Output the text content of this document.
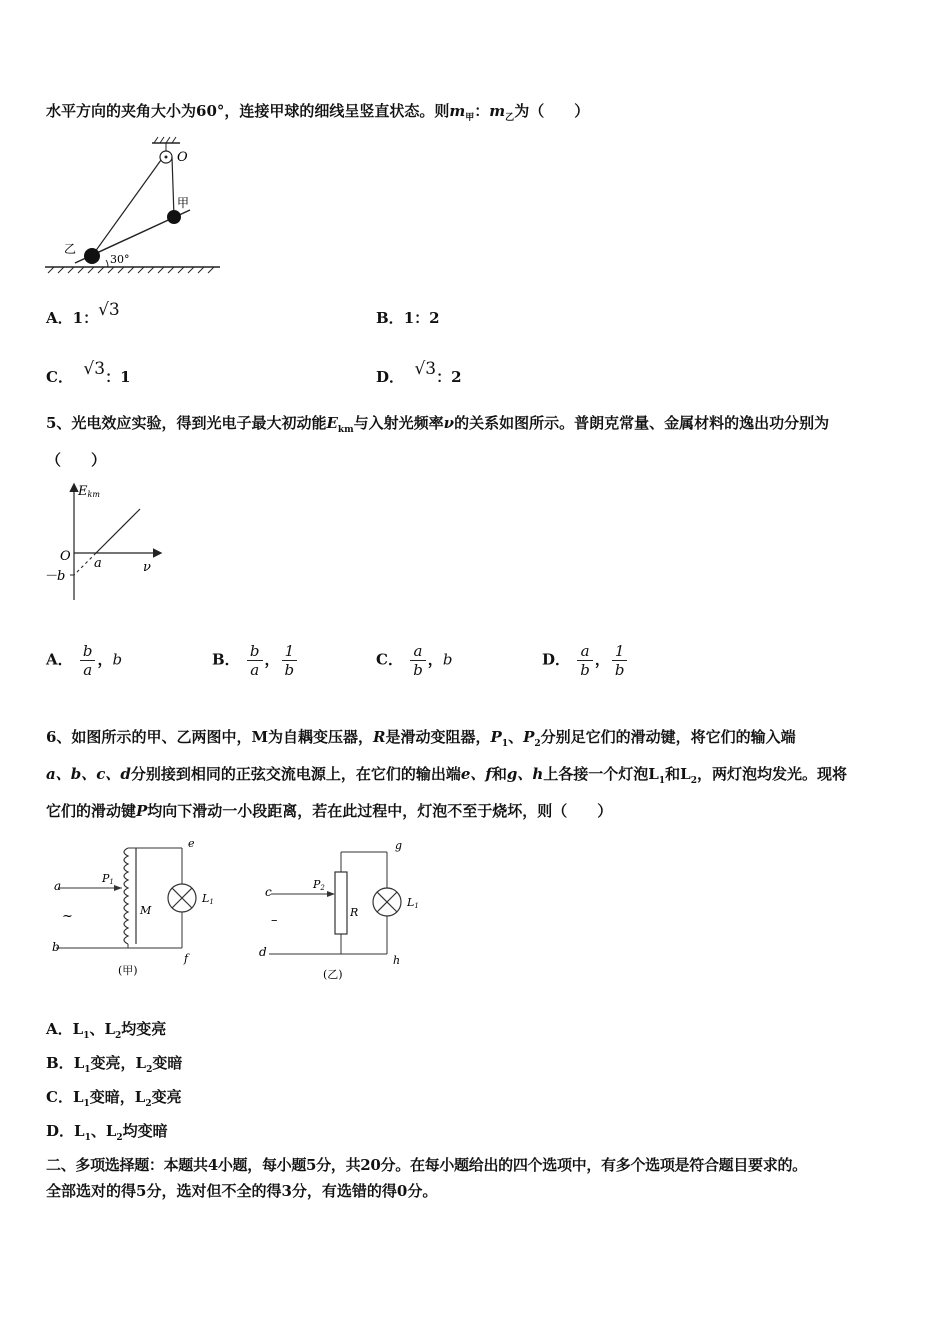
水平方向的夹角大小为60°，连接甲球的细线呈竖直状态。则$m_甲$：$m_乙$为（　　）
O
甲
乙
30°
A．1：√3	B．1：2
C． √3：1	D． √3：2
5、光电效应实验，得到光电子最大初动能$E_{km}$与入射光频率ν的关系如图所示。普朗克常量、金属材料的逸出功分别为
（　　）
Ekm
O a	ν
－b
A． $\frac{b}{a}$ ，b	B． $\frac{b}{a}$ ， $\frac{1}{b}$	C． $\frac{a}{b}$ ，b	D． $\frac{a}{b}$ ， $\frac{1}{b}$
6、如图所示的甲、乙两图中，M为自耦变压器，R是滑动变阻器，$P_1$、$P_2$分别足它们的滑动键，将它们的输入端
a、b、c、d分别接到相同的正弦交流电源上，在它们的输出端e、f和g、h上各接一个灯泡$L_1$和$L_2$，两灯泡均发光。现将
它们的滑动键P均向下滑动一小段距离，若在此过程中，灯泡不至于烧坏，则（　　）
a
P1
~
b
M
L1
e
f
(甲)
c
P2
–
d
R
L1
g
h
(乙)
A．$L_1$、$L_2$均变亮
B．$L_1$变亮，$L_2$变暗
C．$L_1$变暗，$L_2$变亮
D．$L_1$、$L_2$均变暗
二、多项选择题：本题共4小题，每小题5分，共20分。在每小题给出的四个选项中，有多个选项是符合题目要求的。
全部选对的得5分，选对但不全的得3分，有选错的得0分。
